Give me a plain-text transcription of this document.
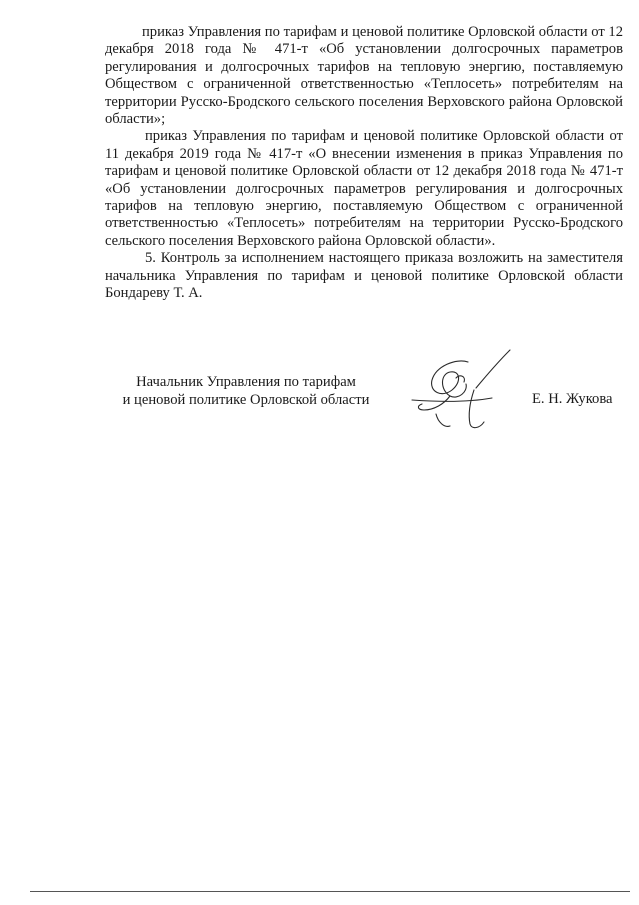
приказ Управления по тарифам и ценовой политике Орловской области от 12 декабря 2018 года № 471-т «Об установлении долгосрочных параметров регулирования и долгосрочных тарифов на тепловую энергию, поставляемую Обществом с ограниченной ответственностью «Теплосеть» потребителям на территории Русско-Бродского сельского поселения Верховского района Орловской области»;

приказ Управления по тарифам и ценовой политике Орловской области от 11 декабря 2019 года № 417-т «О внесении изменения в приказ Управления по тарифам и ценовой политике Орловской области от 12 декабря 2018 года № 471-т «Об установлении долгосрочных параметров регулирования и долгосрочных тарифов на тепловую энергию, поставляемую Обществом с ограниченной ответственностью «Теплосеть» потребителям на территории Русско-Бродского сельского поселения Верховского района Орловской области».

5. Контроль за исполнением настоящего приказа возложить на заместителя начальника Управления по тарифам и ценовой политике Орловской области Бондареву Т. А.

Начальник Управления по тарифам
и ценовой политике Орловской области	Е. Н. Жукова
